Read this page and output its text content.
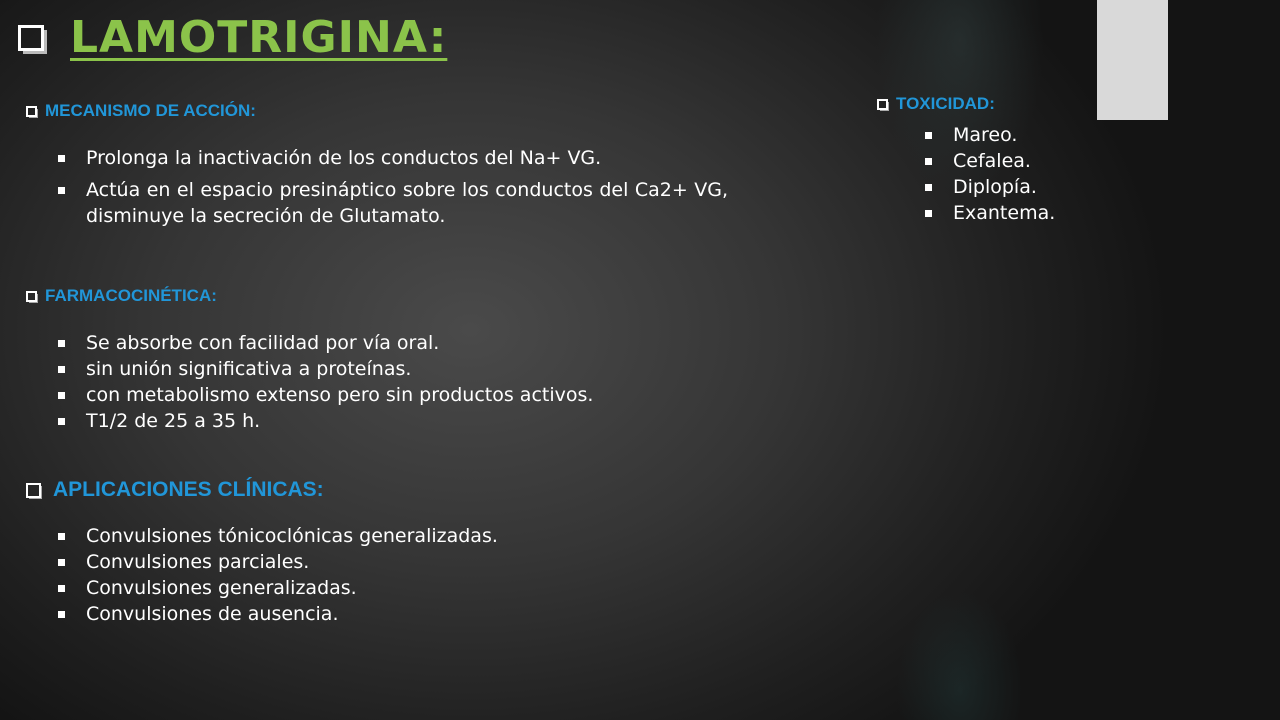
LAMOTRIGINA:
MECANISMO DE ACCIÓN:
Prolonga la inactivación de los conductos del Na+ VG.
Actúa en el espacio presináptico sobre los conductos del Ca2+ VG, disminuye la secreción de Glutamato.
FARMACOCINÉTICA:
Se absorbe con facilidad por vía oral.
sin unión significativa a proteínas.
con metabolismo extenso pero sin productos activos.
T1/2 de 25 a 35 h.
APLICACIONES CLÍNICAS:
Convulsiones tónicoclónicas generalizadas.
Convulsiones parciales.
Convulsiones generalizadas.
Convulsiones de ausencia.
TOXICIDAD:
Mareo.
Cefalea.
Diplopía.
Exantema.
